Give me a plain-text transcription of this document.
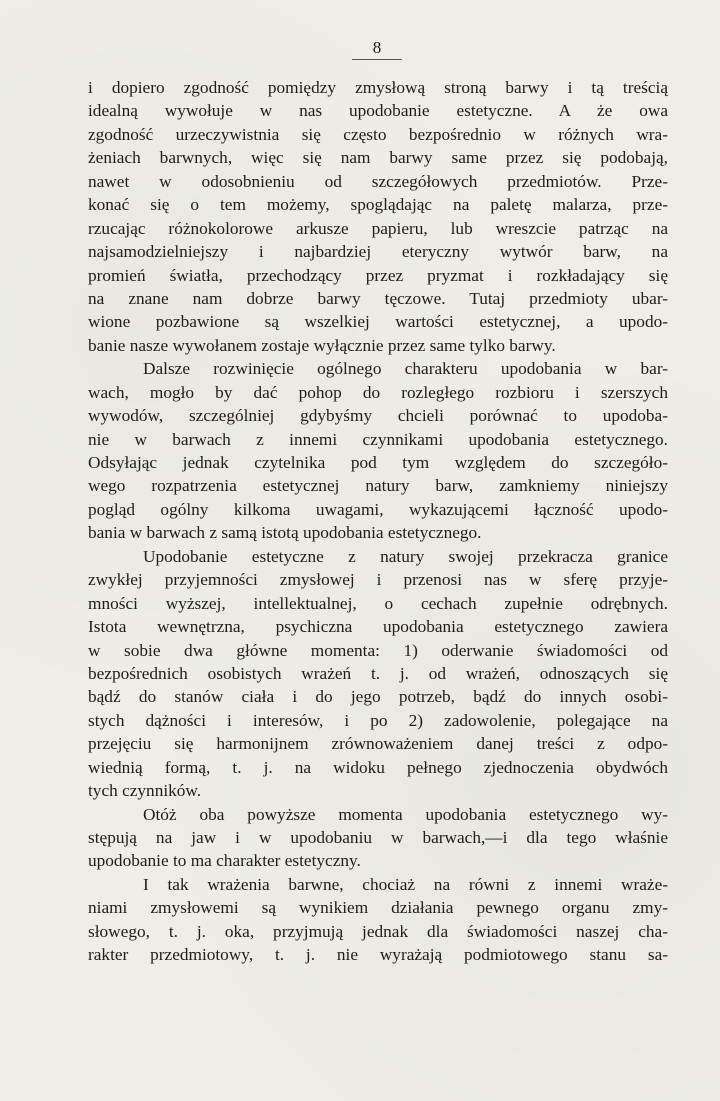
8
i dopiero zgodność pomiędzy zmysłową stroną barwy i tą treścią
idealną wywołuje w nas upodobanie estetyczne. A że owa
zgodność urzeczywistnia się często bezpośrednio w różnych wra-
żeniach barwnych, więc się nam barwy same przez się podobają,
nawet w odosobnieniu od szczegółowych przedmiotów. Prze-
konać się o tem możemy, spoglądając na paletę malarza, prze-
rzucając różnokolorowe arkusze papieru, lub wreszcie patrząc na
najsamodzielniejszy i najbardziej eteryczny wytwór barw, na
promień światła, przechodzący przez pryzmat i rozkładający się
na znane nam dobrze barwy tęczowe. Tutaj przedmioty ubar-
wione pozbawione są wszelkiej wartości estetycznej, a upodo-
banie nasze wywołanem zostaje wyłącznie przez same tylko barwy.
Dalsze rozwinięcie ogólnego charakteru upodobania w bar-
wach, mogło by dać pohop do rozległego rozbioru i szerszych
wywodów, szczególniej gdybyśmy chcieli porównać to upodoba-
nie w barwach z innemi czynnikami upodobania estetycznego.
Odsyłając jednak czytelnika pod tym względem do szczegóło-
wego rozpatrzenia estetycznej natury barw, zamkniemy niniejszy
pogląd ogólny kilkoma uwagami, wykazującemi łączność upodo-
bania w barwach z samą istotą upodobania estetycznego.
Upodobanie estetyczne z natury swojej przekracza granice
zwykłej przyjemności zmysłowej i przenosi nas w sferę przyje-
mności wyższej, intellektualnej, o cechach zupełnie odrębnych.
Istota wewnętrzna, psychiczna upodobania estetycznego zawiera
w sobie dwa główne momenta: 1) oderwanie świadomości od
bezpośrednich osobistych wrażeń t. j. od wrażeń, odnoszących się
bądź do stanów ciała i do jego potrzeb, bądź do innych osobi-
stych dążności i interesów, i po 2) zadowolenie, polegające na
przejęciu się harmonijnem zrównoważeniem danej treści z odpo-
wiednią formą, t. j. na widoku pełnego zjednoczenia obydwóch
tych czynników.
Otóż oba powyższe momenta upodobania estetycznego wy-
stępują na jaw i w upodobaniu w barwach,—i dla tego właśnie
upodobanie to ma charakter estetyczny.
I tak wrażenia barwne, chociaż na równi z innemi wraże-
niami zmysłowemi są wynikiem działania pewnego organu zmy-
słowego, t. j. oka, przyjmują jednak dla świadomości naszej cha-
rakter przedmiotowy, t. j. nie wyrażają podmiotowego stanu sa-
